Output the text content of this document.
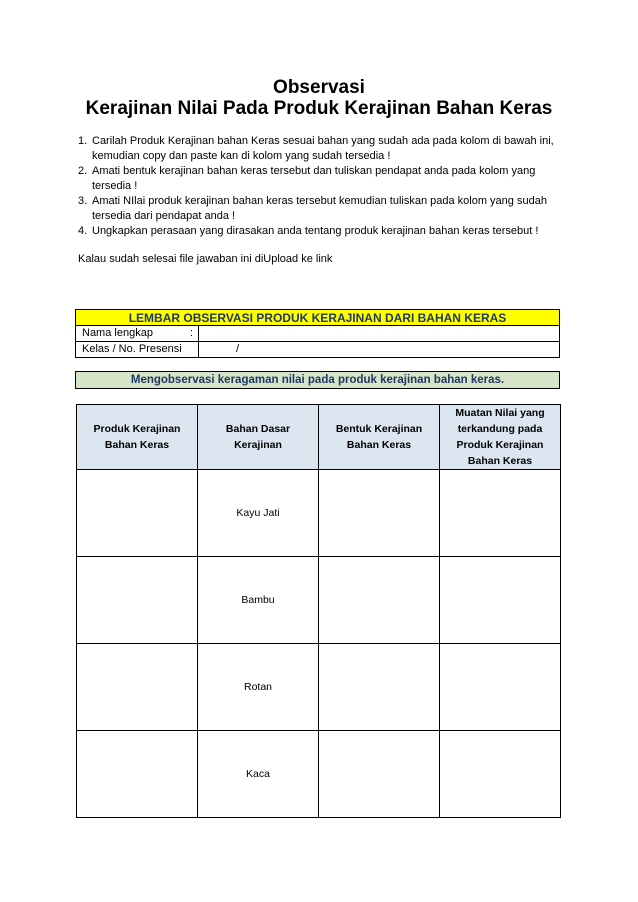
Observasi
Kerajinan Nilai Pada Produk Kerajinan Bahan Keras
1. Carilah Produk Kerajinan bahan Keras sesuai bahan yang sudah ada pada kolom di bawah ini, kemudian copy dan paste kan di kolom yang sudah tersedia !
2. Amati bentuk kerajinan bahan keras tersebut dan tuliskan pendapat anda pada kolom yang tersedia !
3. Amati NIlai produk kerajinan bahan keras tersebut kemudian tuliskan pada kolom yang sudah tersedia dari pendapat anda !
4. Ungkapkan perasaan yang dirasakan anda tentang produk kerajinan bahan keras tersebut !
Kalau sudah selesai file jawaban ini diUpload ke link
LEMBAR OBSERVASI PRODUK KERAJINAN DARI BAHAN KERAS
Nama lengkap	:
Kelas / No. Presensi	/
Mengobservasi keragaman nilai pada produk kerajinan bahan keras.
Produk Kerajinan Bahan Keras	Bahan Dasar Kerajinan	Bentuk Kerajinan Bahan Keras	Muatan Nilai yang terkandung pada Produk Kerajinan Bahan Keras
	Kayu Jati		
	Bambu		
	Rotan		
	Kaca		
